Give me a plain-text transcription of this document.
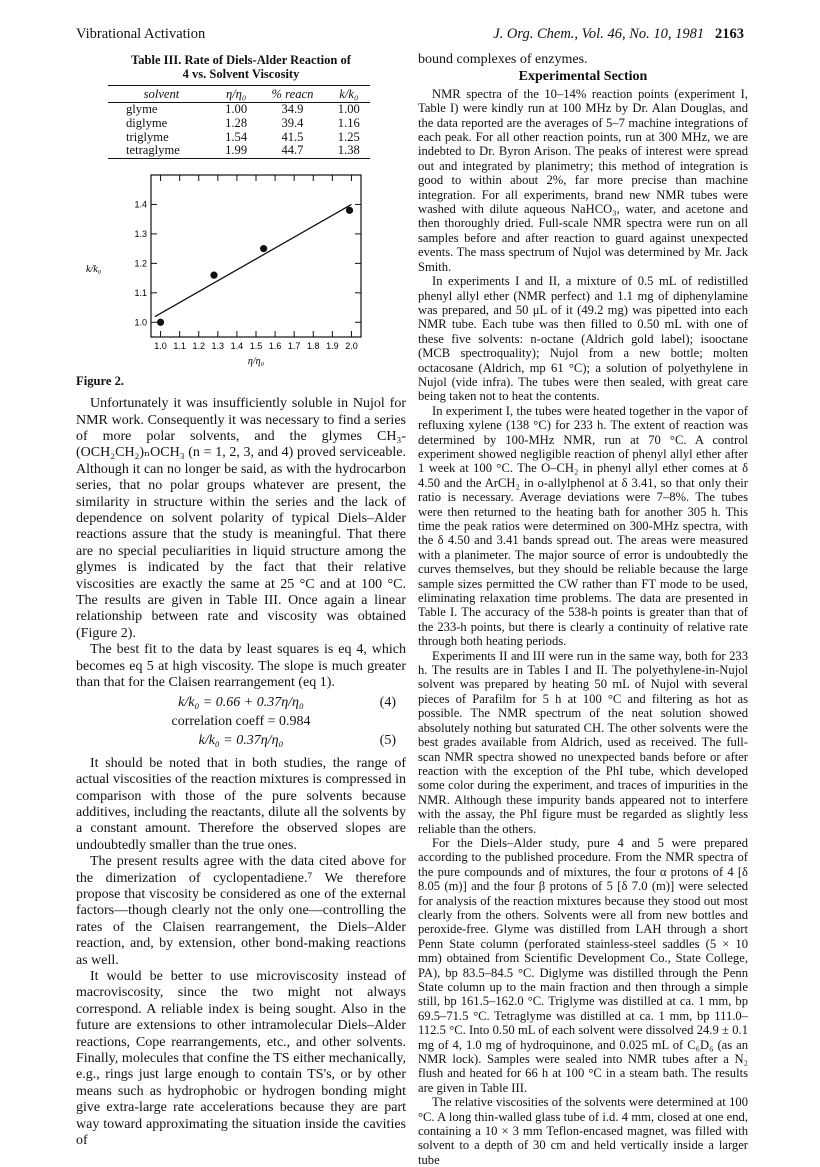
Vibrational Activation	J. Org. Chem., Vol. 46, No. 10, 1981 2163
Table III. Rate of Diels-Alder Reaction of
4 vs. Solvent Viscosity
solvent	η/η₀	% reacn	k/k₀
glyme	1.00	34.9	1.00
diglyme	1.28	39.4	1.16
triglyme	1.54	41.5	1.25
tetraglyme	1.99	44.7	1.38
1.0 1.1 1.2 1.3 1.4 1.5 1.6 1.7 1.8 1.9 2.0
1.0
1.1
1.2
1.3
1.4
η/η₀
k/k₀
Figure 2.

Unfortunately it was insufficiently soluble in Nujol for NMR work. Consequently it was necessary to find a series of more polar solvents, and the glymes CH₃-(OCH₂CH₂)ₙOCH₃ (n = 1, 2, 3, and 4) proved serviceable. Although it can no longer be said, as with the hydrocarbon series, that no polar groups whatever are present, the similarity in structure within the series and the lack of dependence on solvent polarity of typical Diels–Alder reactions assure that the study is meaningful. That there are no special peculiarities in liquid structure among the glymes is indicated by the fact that their relative viscosities are exactly the same at 25 °C and at 100 °C. The results are given in Table III. Once again a linear relationship between rate and viscosity was obtained (Figure 2).

The best fit to the data by least squares is eq 4, which becomes eq 5 at high viscosity. The slope is much greater than that for the Claisen rearrangement (eq 1).

k/k₀ = 0.66 + 0.37η/η₀	(4)
correlation coeff = 0.984
k/k₀ = 0.37η/η₀	(5)

It should be noted that in both studies, the range of actual viscosities of the reaction mixtures is compressed in comparison with those of the pure solvents because additives, including the reactants, dilute all the solvents by a constant amount. Therefore the observed slopes are undoubtedly smaller than the true ones.

The present results agree with the data cited above for the dimerization of cyclopentadiene.⁷ We therefore propose that viscosity be considered as one of the external factors—though clearly not the only one—controlling the rates of the Claisen rearrangement, the Diels–Alder reaction, and, by extension, other bond-making reactions as well.

It would be better to use microviscosity instead of macroviscosity, since the two might not always correspond. A reliable index is being sought. Also in the future are extensions to other intramolecular Diels–Alder reactions, Cope rearrangements, etc., and other solvents. Finally, molecules that confine the TS either mechanically, e.g., rings just large enough to contain TS's, or by other means such as hydrophobic or hydrogen bonding might give extra-large rate accelerations because they are part way toward approximating the situation inside the cavities of

bound complexes of enzymes.
Experimental Section

NMR spectra of the 10–14% reaction points (experiment I, Table I) were kindly run at 100 MHz by Dr. Alan Douglas, and the data reported are the averages of 5–7 machine integrations of each peak. For all other reaction points, run at 300 MHz, we are indebted to Dr. Byron Arison. The peaks of interest were spread out and integrated by planimetry; this method of integration is good to within about 2%, far more precise than machine integration. For all experiments, brand new NMR tubes were washed with dilute aqueous NaHCO₃, water, and acetone and then thoroughly dried. Full-scale NMR spectra were run on all samples before and after reaction to guard against unexpected events. The mass spectrum of Nujol was determined by Mr. Jack Smith.

In experiments I and II, a mixture of 0.5 mL of redistilled phenyl allyl ether (NMR perfect) and 1.1 mg of diphenylamine was prepared, and 50 μL of it (49.2 mg) was pipetted into each NMR tube. Each tube was then filled to 0.50 mL with one of these five solvents: n-octane (Aldrich gold label); isooctane (MCB spectroquality); Nujol from a new bottle; molten octacosane (Aldrich, mp 61 °C); a solution of polyethylene in Nujol (vide infra). The tubes were then sealed, with great care being taken not to heat the contents.

In experiment I, the tubes were heated together in the vapor of refluxing xylene (138 °C) for 233 h. The extent of reaction was determined by 100-MHz NMR, run at 70 °C. A control experiment showed negligible reaction of phenyl allyl ether after 1 week at 100 °C. The O–CH₂ in phenyl allyl ether comes at δ 4.50 and the ArCH₂ in o-allylphenol at δ 3.41, so that only their ratio is necessary. Average deviations were 7–8%. The tubes were then returned to the heating bath for another 305 h. This time the peak ratios were determined on 300-MHz spectra, with the δ 4.50 and 3.41 bands spread out. The areas were measured with a planimeter. The major source of error is undoubtedly the curves themselves, but they should be reliable because the large sample sizes permitted the CW rather than FT mode to be used, eliminating relaxation time problems. The data are presented in Table I. The accuracy of the 538-h points is greater than that of the 233-h points, but there is clearly a continuity of relative rate through both heating periods.

Experiments II and III were run in the same way, both for 233 h. The results are in Tables I and II. The polyethylene-in-Nujol solvent was prepared by heating 50 mL of Nujol with several pieces of Parafilm for 5 h at 100 °C and filtering as hot as possible. The NMR spectrum of the neat solution showed absolutely nothing but saturated CH. The other solvents were the best grades available from Aldrich, used as received. The full-scan NMR spectra showed no unexpected bands before or after reaction with the exception of the PhI tube, which developed some color during the experiment, and traces of impurities in the NMR. Although these impurity bands appeared not to interfere with the assay, the PhI figure must be regarded as slightly less reliable than the others.

For the Diels–Alder study, pure 4 and 5 were prepared according to the published procedure. From the NMR spectra of the pure compounds and of mixtures, the four α protons of 4 [δ 8.05 (m)] and the four β protons of 5 [δ 7.0 (m)] were selected for analysis of the reaction mixtures because they stood out most clearly from the others. Solvents were all from new bottles and peroxide-free. Glyme was distilled from LAH through a short Penn State column (perforated stainless-steel saddles (5 × 10 mm) obtained from Scientific Development Co., State College, PA), bp 83.5–84.5 °C. Diglyme was distilled through the Penn State column up to the main fraction and then through a simple still, bp 161.5–162.0 °C. Triglyme was distilled at ca. 1 mm, bp 69.5–71.5 °C. Tetraglyme was distilled at ca. 1 mm, bp 111.0–112.5 °C. Into 0.50 mL of each solvent were dissolved 24.9 ± 0.1 mg of 4, 1.0 mg of hydroquinone, and 0.025 mL of C₆D₆ (as an NMR lock). Samples were sealed into NMR tubes after a N₂ flush and heated for 66 h at 100 °C in a steam bath. The results are given in Table III.

The relative viscosities of the solvents were determined at 100 °C. A long thin-walled glass tube of i.d. 4 mm, closed at one end, containing a 10 × 3 mm Teflon-encased magnet, was filled with solvent to a depth of 30 cm and held vertically inside a larger tube
